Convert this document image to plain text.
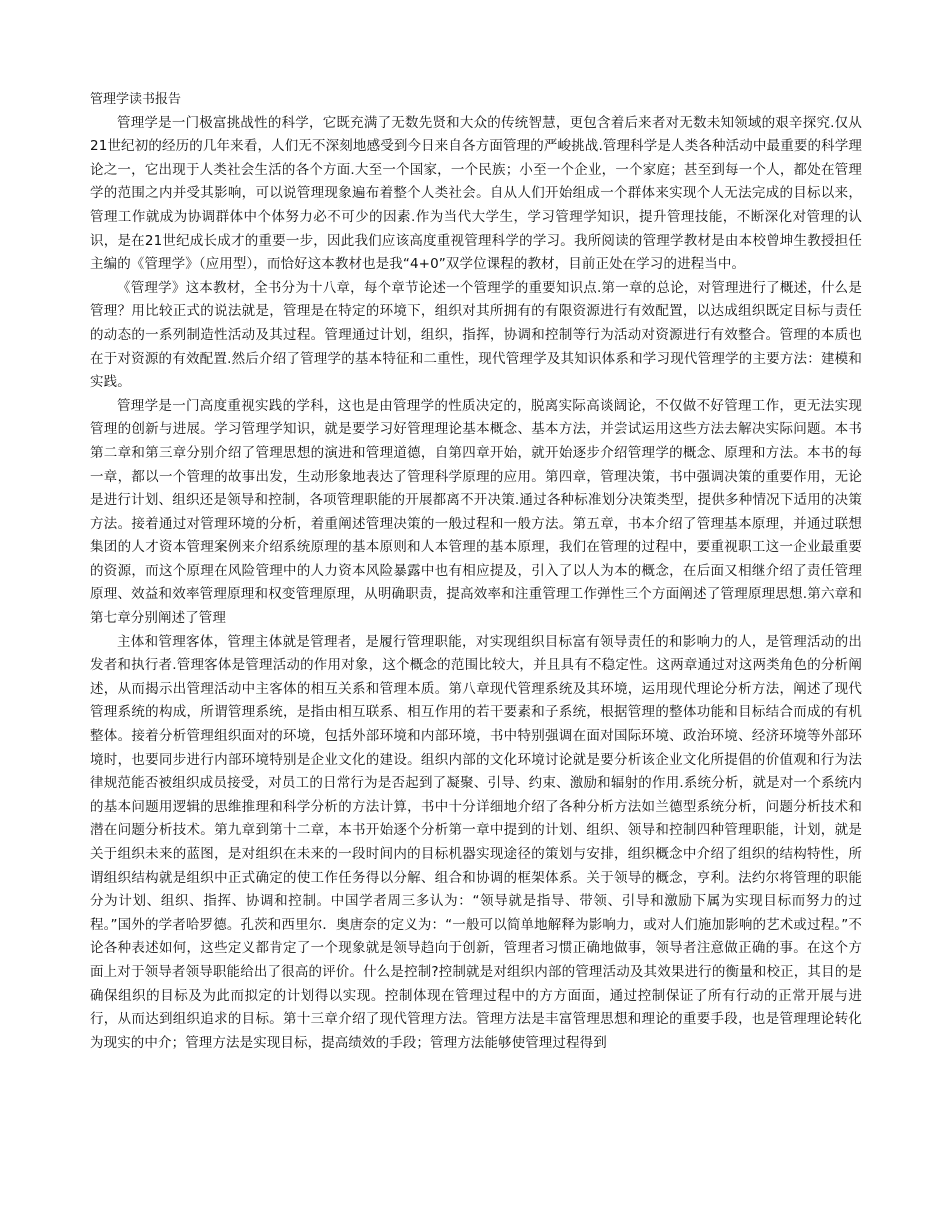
管理学读书报告

管理学是一门极富挑战性的科学，它既充满了无数先贤和大众的传统智慧，更包含着后来者对无数未知领域的艰辛探究.仅从21世纪初的经历的几年来看，人们无不深刻地感受到今日来自各方面管理的严峻挑战.管理科学是人类各种活动中最重要的科学理论之一，它出现于人类社会生活的各个方面.大至一个国家，一个民族；小至一个企业，一个家庭；甚至到每一个人，都处在管理学的范围之内并受其影响，可以说管理现象遍布着整个人类社会。自从人们开始组成一个群体来实现个人无法完成的目标以来，管理工作就成为协调群体中个体努力必不可少的因素.作为当代大学生，学习管理学知识，提升管理技能，不断深化对管理的认识，是在21世纪成长成才的重要一步，因此我们应该高度重视管理科学的学习。我所阅读的管理学教材是由本校曾坤生教授担任主编的《管理学》（应用型），而恰好这本教材也是我“4+0”双学位课程的教材，目前正处在学习的进程当中。

《管理学》这本教材，全书分为十八章，每个章节论述一个管理学的重要知识点.第一章的总论，对管理进行了概述，什么是管理？用比较正式的说法就是，管理是在特定的环境下，组织对其所拥有的有限资源进行有效配置，以达成组织既定目标与责任的动态的一系列制造性活动及其过程。管理通过计划，组织，指挥，协调和控制等行为活动对资源进行有效整合。管理的本质也在于对资源的有效配置.然后介绍了管理学的基本特征和二重性，现代管理学及其知识体系和学习现代管理学的主要方法：建模和实践。

管理学是一门高度重视实践的学科，这也是由管理学的性质决定的，脱离实际高谈阔论，不仅做不好管理工作，更无法实现管理的创新与进展。学习管理学知识，就是要学习好管理理论基本概念、基本方法，并尝试运用这些方法去解决实际问题。本书第二章和第三章分别介绍了管理思想的演进和管理道德，自第四章开始，就开始逐步介绍管理学的概念、原理和方法。本书的每一章，都以一个管理的故事出发，生动形象地表达了管理科学原理的应用。第四章，管理决策，书中强调决策的重要作用，无论是进行计划、组织还是领导和控制，各项管理职能的开展都离不开决策.通过各种标准划分决策类型，提供多种情况下适用的决策方法。接着通过对管理环境的分析，着重阐述管理决策的一般过程和一般方法。第五章，书本介绍了管理基本原理，并通过联想集团的人才资本管理案例来介绍系统原理的基本原则和人本管理的基本原理，我们在管理的过程中，要重视职工这一企业最重要的资源，而这个原理在风险管理中的人力资本风险暴露中也有相应提及，引入了以人为本的概念，在后面又相继介绍了责任管理原理、效益和效率管理原理和权变管理原理，从明确职责，提高效率和注重管理工作弹性三个方面阐述了管理原理思想.第六章和第七章分别阐述了管理

主体和管理客体，管理主体就是管理者，是履行管理职能，对实现组织目标富有领导责任的和影响力的人，是管理活动的出发者和执行者.管理客体是管理活动的作用对象，这个概念的范围比较大，并且具有不稳定性。这两章通过对这两类角色的分析阐述，从而揭示出管理活动中主客体的相互关系和管理本质。第八章现代管理系统及其环境，运用现代理论分析方法，阐述了现代管理系统的构成，所谓管理系统，是指由相互联系、相互作用的若干要素和子系统，根据管理的整体功能和目标结合而成的有机整体。接着分析管理组织面对的环境，包括外部环境和内部环境，书中特别强调在面对国际环境、政治环境、经济环境等外部环境时，也要同步进行内部环境特别是企业文化的建设。组织内部的文化环境讨论就是要分析该企业文化所提倡的价值观和行为法律规范能否被组织成员接受，对员工的日常行为是否起到了凝聚、引导、约束、激励和辐射的作用.系统分析，就是对一个系统内的基本问题用逻辑的思维推理和科学分析的方法计算，书中十分详细地介绍了各种分析方法如兰德型系统分析，问题分析技术和潜在问题分析技术。第九章到第十二章，本书开始逐个分析第一章中提到的计划、组织、领导和控制四种管理职能，计划，就是关于组织未来的蓝图，是对组织在未来的一段时间内的目标机器实现途径的策划与安排，组织概念中介绍了组织的结构特性，所谓组织结构就是组织中正式确定的使工作任务得以分解、组合和协调的框架体系。关于领导的概念，亨利。法约尔将管理的职能分为计划、组织、指挥、协调和控制。中国学者周三多认为：“领导就是指导、带领、引导和激励下属为实现目标而努力的过程。”国外的学者哈罗德。孔茨和西里尔．奥唐奈的定义为：“一般可以简单地解释为影响力，或对人们施加影响的艺术或过程。”不论各种表述如何，这些定义都肯定了一个现象就是领导趋向于创新，管理者习惯正确地做事，领导者注意做正确的事。在这个方面上对于领导者领导职能给出了很高的评价。什么是控制?控制就是对组织内部的管理活动及其效果进行的衡量和校正，其目的是确保组织的目标及为此而拟定的计划得以实现。控制体现在管理过程中的方方面面，通过控制保证了所有行动的正常开展与进行，从而达到组织追求的目标。第十三章介绍了现代管理方法。管理方法是丰富管理思想和理论的重要手段，也是管理理论转化为现实的中介；管理方法是实现目标，提高绩效的手段；管理方法能够使管理过程得到
